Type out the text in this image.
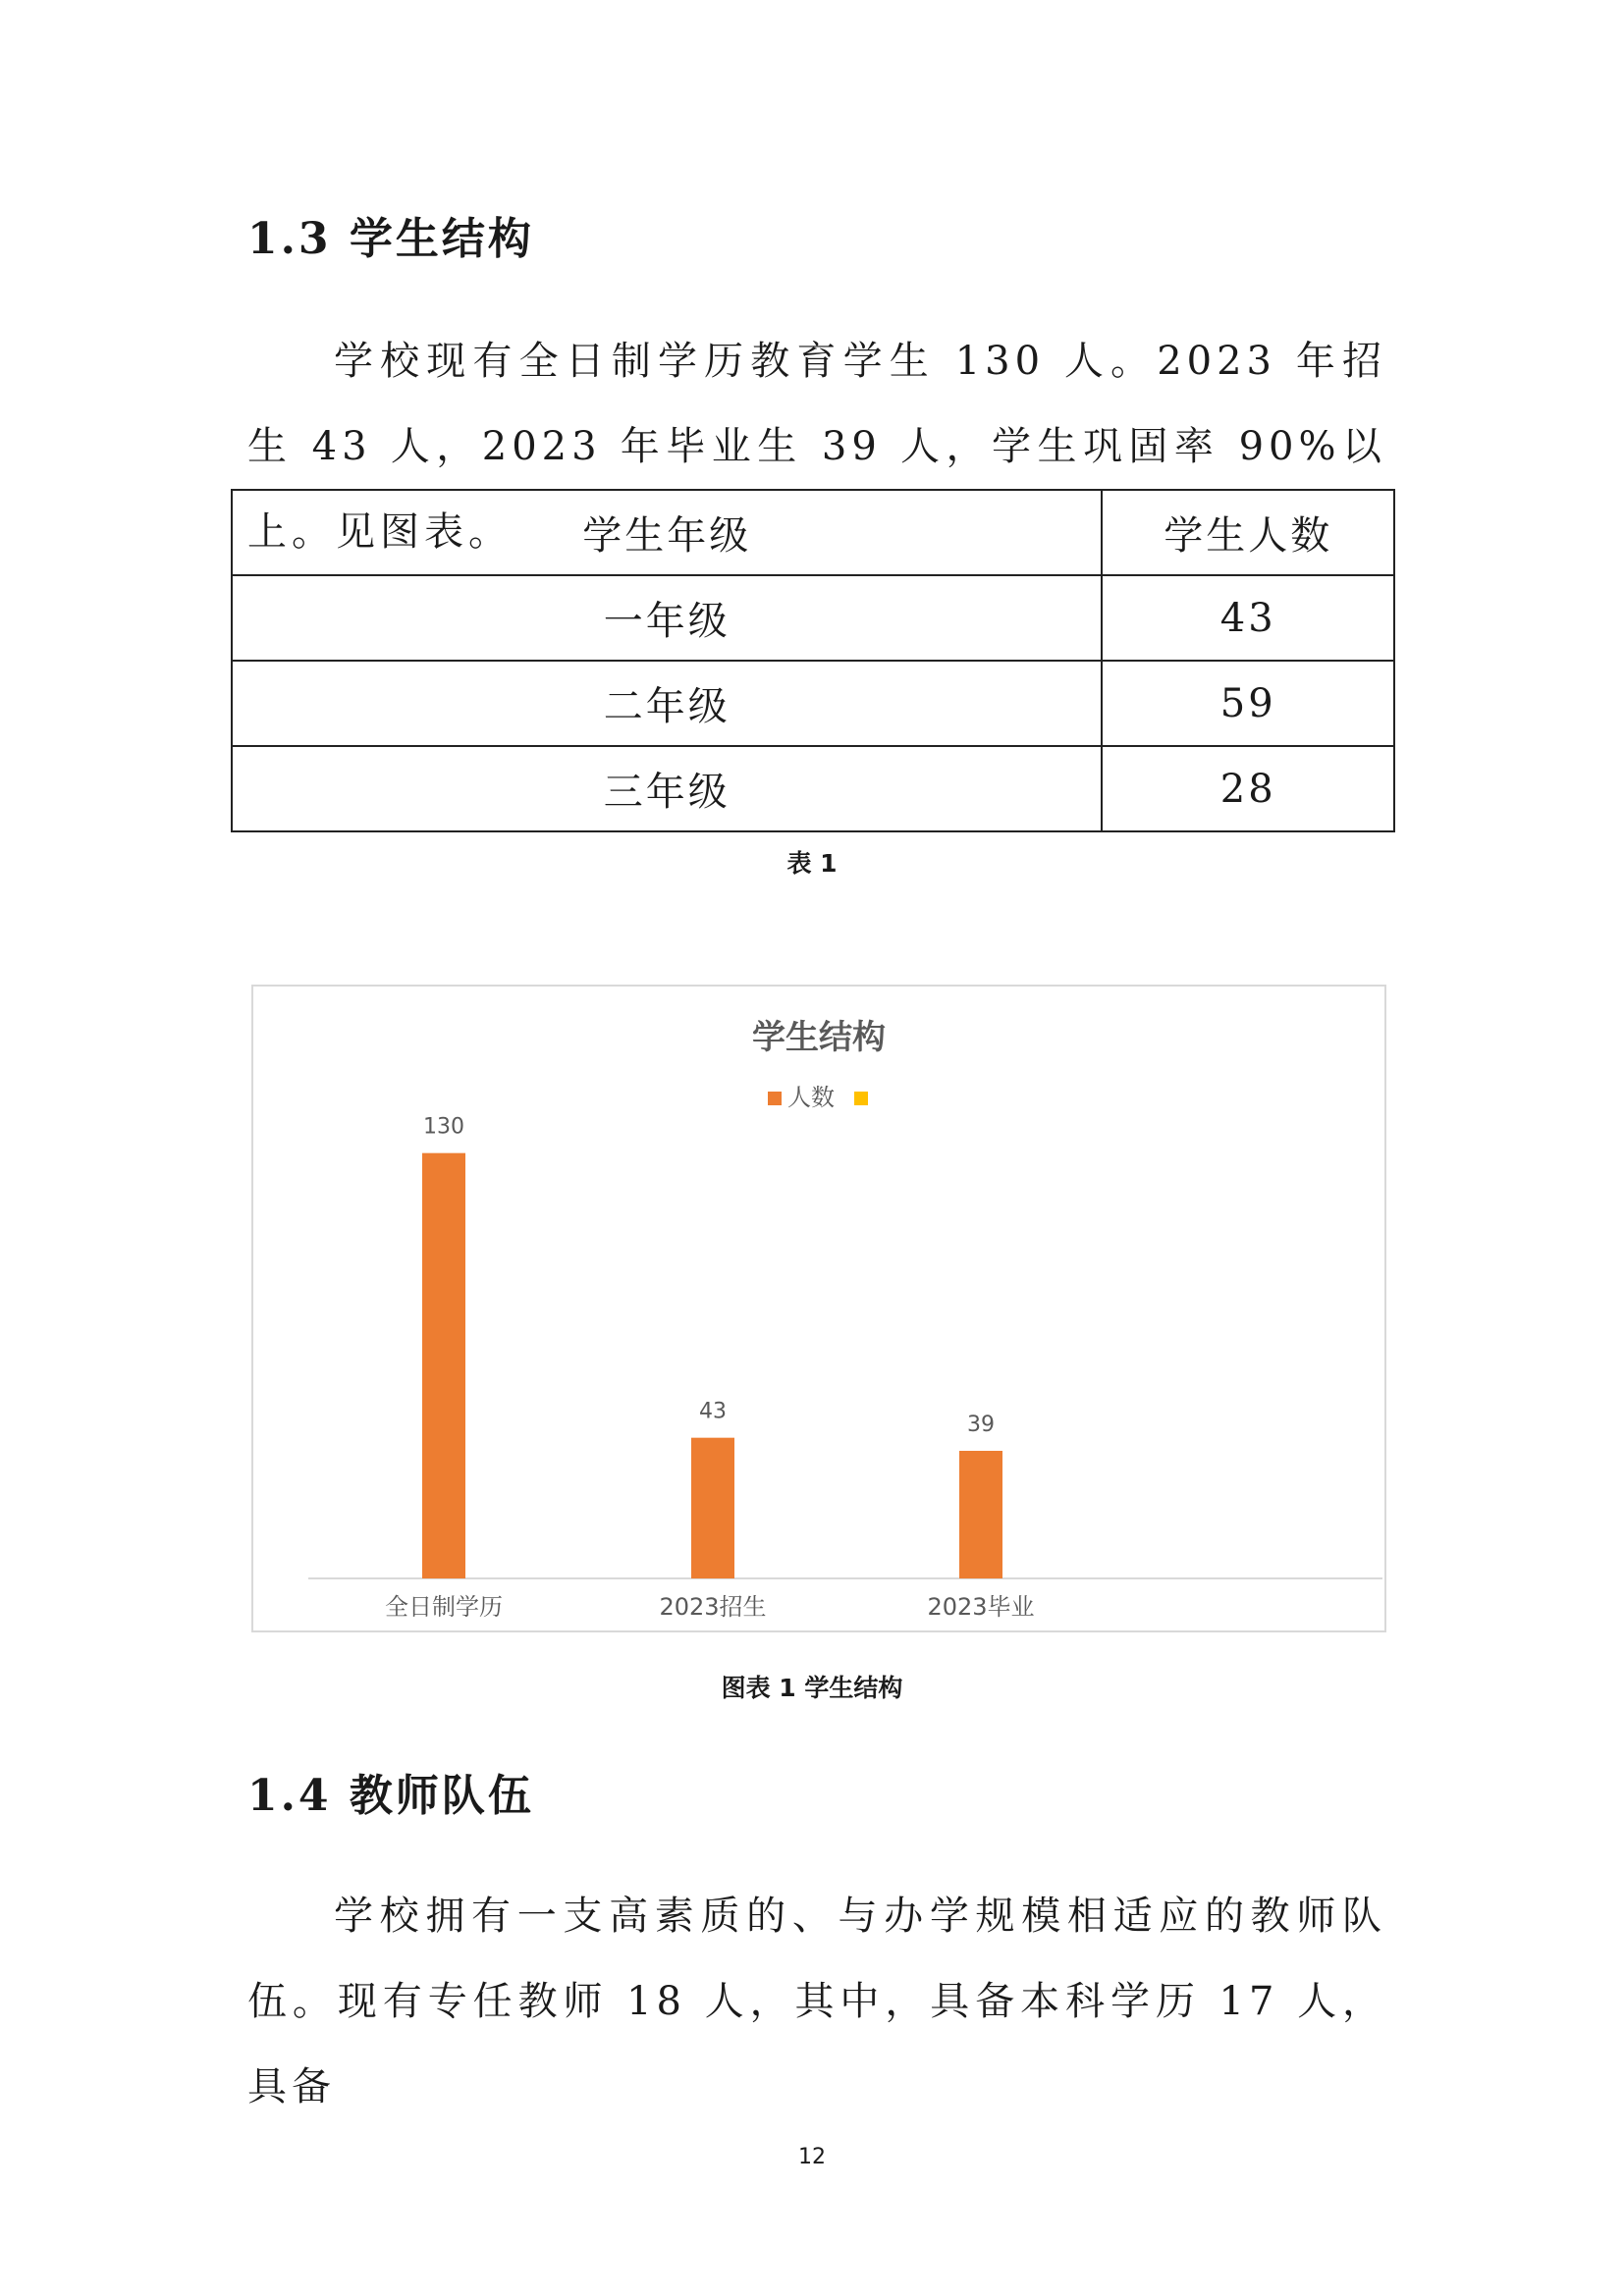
1.3 学生结构
学校现有全日制学历教育学生 130 人。2023 年招生 43 人，2023 年毕业生 39 人，学生巩固率 90%以上。见图表。	学生年级	学生人数
一年级	43
二年级	59
三年级	28
表 1
学生结构
人数
130
全日制学历
43
2023招生
39
2023毕业
图表 1 学生结构
1.4 教师队伍
学校拥有一支高素质的、与办学规模相适应的教师队伍。现有专任教师 18 人，其中，具备本科学历 17 人，具备
12
